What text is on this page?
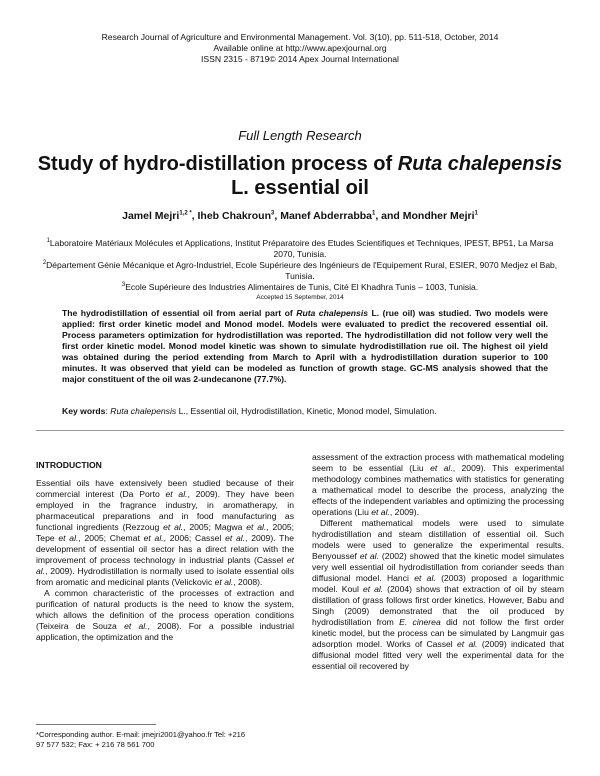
Research Journal of Agriculture and Environmental Management. Vol. 3(10), pp. 511-518, October, 2014
Available online at http://www.apexjournal.org
ISSN 2315 - 8719© 2014 Apex Journal International
Full Length Research
Study of hydro-distillation process of Ruta chalepensis
L. essential oil
Jamel Mejri$^{1,2 *}$, Iheb Chakroun$^3$, Manef Abderrabba$^1$, and Mondher Mejri$^1$
$^1$Laboratoire Matériaux Molécules et Applications, Institut Préparatoire des Etudes Scientifiques et Techniques, IPEST, BP51, La Marsa 2070, Tunisia.
$^2$Département Génie Mécanique et Agro-Industriel, Ecole Supérieure des Ingénieurs de l'Equipement Rural, ESIER, 9070 Medjez el Bab, Tunisia.
$^3$Ecole Supérieure des Industries Alimentaires de Tunis, Cité El Khadhra Tunis – 1003, Tunisia.
Accepted 15 September, 2014
The hydrodistillation of essential oil from aerial part of Ruta chalepensis L. (rue oil) was studied. Two models were applied: first order kinetic model and Monod model. Models were evaluated to predict the recovered essential oil. Process parameters optimization for hydrodistillation was reported. The hydrodistillation did not follow very well the first order kinetic model. Monod model kinetic was shown to simulate hydrodistillation rue oil. The highest oil yield was obtained during the period extending from March to April with a hydrodistillation duration superior to 100 minutes. It was observed that yield can be modeled as function of growth stage. GC-MS analysis showed that the major constituent of the oil was 2-undecanone (77.7%).
Key words: Ruta chalepensis L., Essential oil, Hydrodistillation, Kinetic, Monod model, Simulation.
INTRODUCTION

Essential oils have extensively been studied because of their commercial interest (Da Porto et al., 2009). They have been employed in the fragrance industry, in aromatherapy, in pharmaceutical preparations and in food manufacturing as functional ingredients (Rezzoug et al., 2005; Magwa et al., 2005; Tepe et al., 2005; Chemat et al., 2006; Cassel et al., 2009). The development of essential oil sector has a direct relation with the improvement of process technology in industrial plants (Cassel et al., 2009). Hydrodistillation is normally used to isolate essential oils from aromatic and medicinal plants (Velickovic et al., 2008).

A common characteristic of the processes of extraction and purification of natural products is the need to know the system, which allows the definition of the process operation conditions (Teixeira de Souza et al., 2008). For a possible industrial application, the optimization and the

assessment of the extraction process with mathematical modeling seem to be essential (Liu et al., 2009). This experimental methodology combines mathematics with statistics for generating a mathematical model to describe the process, analyzing the effects of the independent variables and optimizing the processing operations (Liu et al., 2009).

Different mathematical models were used to simulate hydrodistillation and steam distillation of essential oil. Such models were used to generalize the experimental results. Benyoussef et al. (2002) showed that the kinetic model simulates very well essential oil hydrodistillation from coriander seeds than diffusional model. Hanci et al. (2003) proposed a logarithmic model. Koul et al. (2004) shows that extraction of oil by steam distillation of grass follows first order kinetics. However, Babu and Singh (2009) demonstrated that the oil produced by hydrodistillation from E. cinerea did not follow the first order kinetic model, but the process can be simulated by Langmuir gas adsorption model. Works of Cassel et al. (2009) indicated that diffusional model fitted very well the experimental data for the essential oil recovered by

*Corresponding author. E-mail: jmejri2001@yahoo.fr Tel: +216
97 577 532; Fax: + 216 78 561 700
